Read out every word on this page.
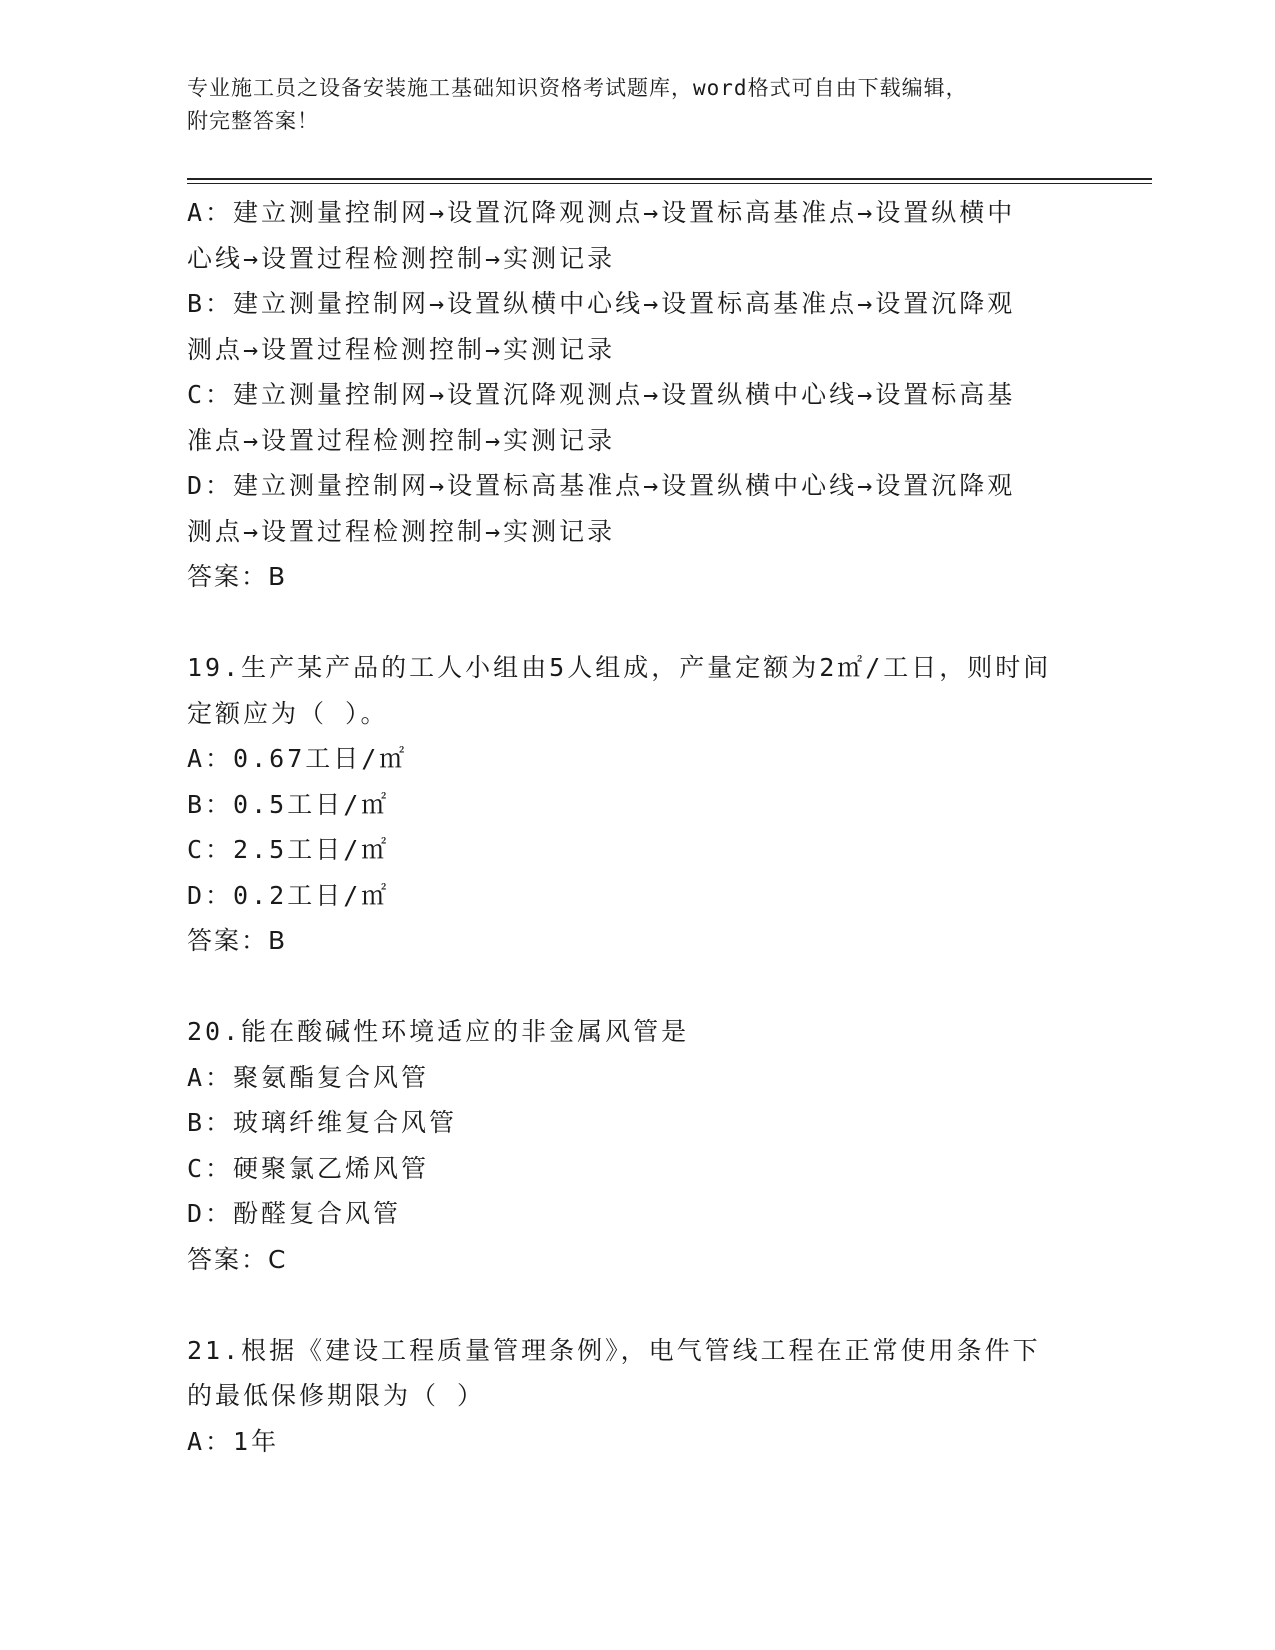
专业施工员之设备安装施工基础知识资格考试题库，word格式可自由下载编辑，
附完整答案！
A：建立测量控制网→设置沉降观测点→设置标高基准点→设置纵横中
心线→设置过程检测控制→实测记录
B：建立测量控制网→设置纵横中心线→设置标高基准点→设置沉降观
测点→设置过程检测控制→实测记录
C：建立测量控制网→设置沉降观测点→设置纵横中心线→设置标高基
准点→设置过程检测控制→实测记录
D：建立测量控制网→设置标高基准点→设置纵横中心线→设置沉降观
测点→设置过程检测控制→实测记录
答案：B
19.生产某产品的工人小组由5人组成，产量定额为2㎡/工日，则时间
定额应为（ ）。
A：0.67工日/㎡
B：0.5工日/㎡
C：2.5工日/㎡
D：0.2工日/㎡
答案：B
20.能在酸碱性环境适应的非金属风管是
A：聚氨酯复合风管
B：玻璃纤维复合风管
C：硬聚氯乙烯风管
D：酚醛复合风管
答案：C
21.根据《建设工程质量管理条例》，电气管线工程在正常使用条件下
的最低保修期限为（ ）
A：1年
